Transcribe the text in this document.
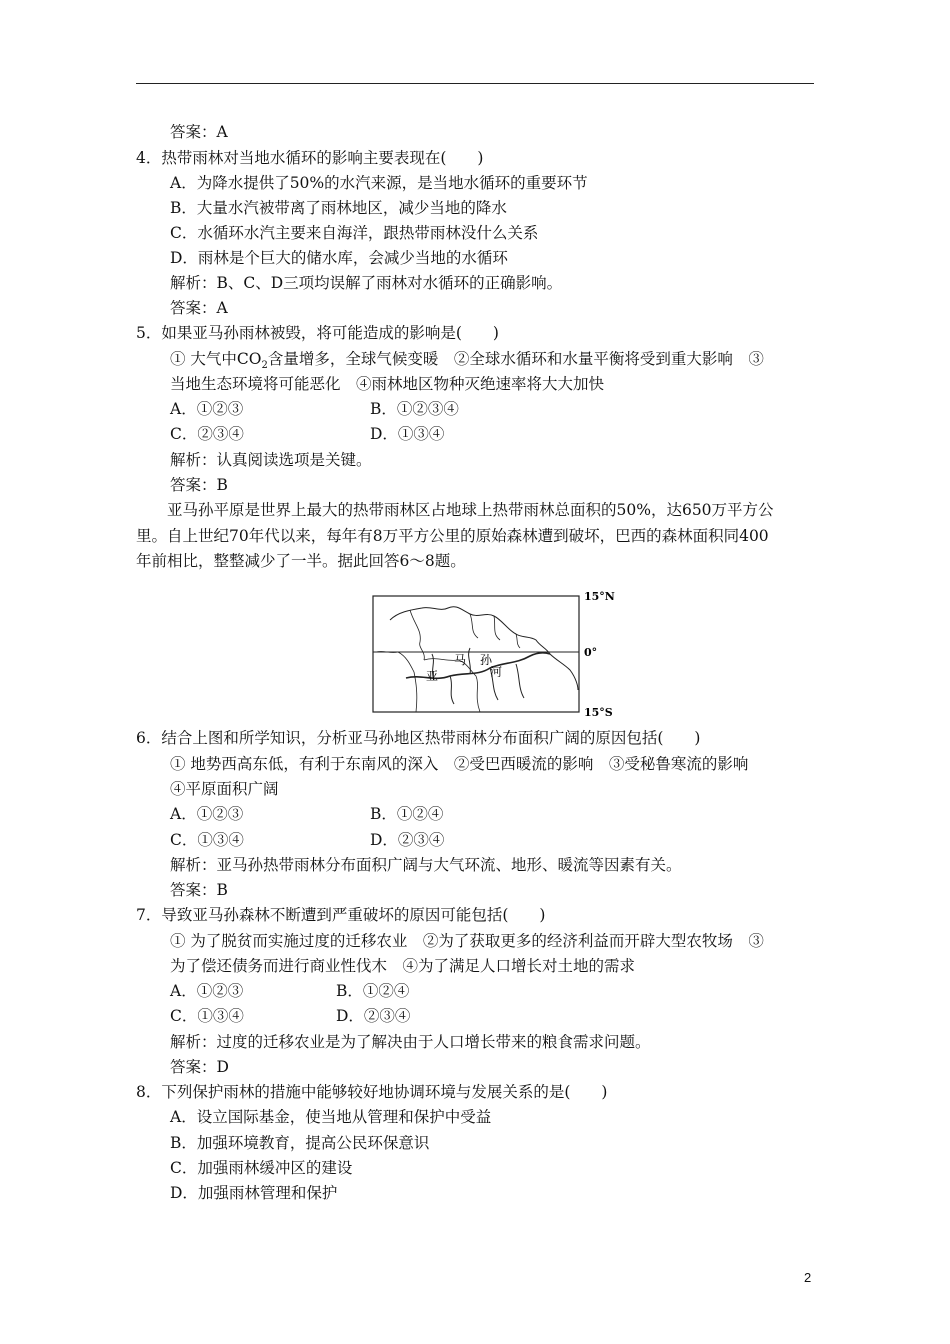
答案：A
4．热带雨林对当地水循环的影响主要表现在(　　)
A．为降水提供了50%的水汽来源，是当地水循环的重要环节
B．大量水汽被带离了雨林地区，减少当地的降水
C．水循环水汽主要来自海洋，跟热带雨林没什么关系
D．雨林是个巨大的储水库，会减少当地的水循环
解析：B、C、D三项均误解了雨林对水循环的正确影响。
答案：A
5．如果亚马孙雨林被毁，将可能造成的影响是(　　)
① 大气中$CO_2$含量增多，全球气候变暖　②全球水循环和水量平衡将受到重大影响　③
当地生态环境将可能恶化　④雨林地区物种灭绝速率将大大加快
A．①②③	B．①②③④
C．②③④	D．①③④
解析：认真阅读选项是关键。
答案：B
　　亚马孙平原是世界上最大的热带雨林区占地球上热带雨林总面积的50%，达650万平方公
里。自上世纪70年代以来，每年有8万平方公里的原始森林遭到破坏，巴西的森林面积同400
年前相比，整整减少了一半。据此回答6～8题。
马 孙
亚	河
15°N
0°
15°S
6．结合上图和所学知识，分析亚马孙地区热带雨林分布面积广阔的原因包括(　　)
① 地势西高东低，有利于东南风的深入　②受巴西暖流的影响　③受秘鲁寒流的影响
④平原面积广阔
A．①②③	B．①②④
C．①③④	D．②③④
解析：亚马孙热带雨林分布面积广阔与大气环流、地形、暖流等因素有关。
答案：B
7．导致亚马孙森林不断遭到严重破坏的原因可能包括(　　)
① 为了脱贫而实施过度的迁移农业　②为了获取更多的经济利益而开辟大型农牧场　③
为了偿还债务而进行商业性伐木　④为了满足人口增长对土地的需求
A．①②③	B．①②④
C．①③④	D．②③④
解析：过度的迁移农业是为了解决由于人口增长带来的粮食需求问题。
答案：D
8．下列保护雨林的措施中能够较好地协调环境与发展关系的是(　　)
A．设立国际基金，使当地从管理和保护中受益
B．加强环境教育，提高公民环保意识
C．加强雨林缓冲区的建设
D．加强雨林管理和保护
2
